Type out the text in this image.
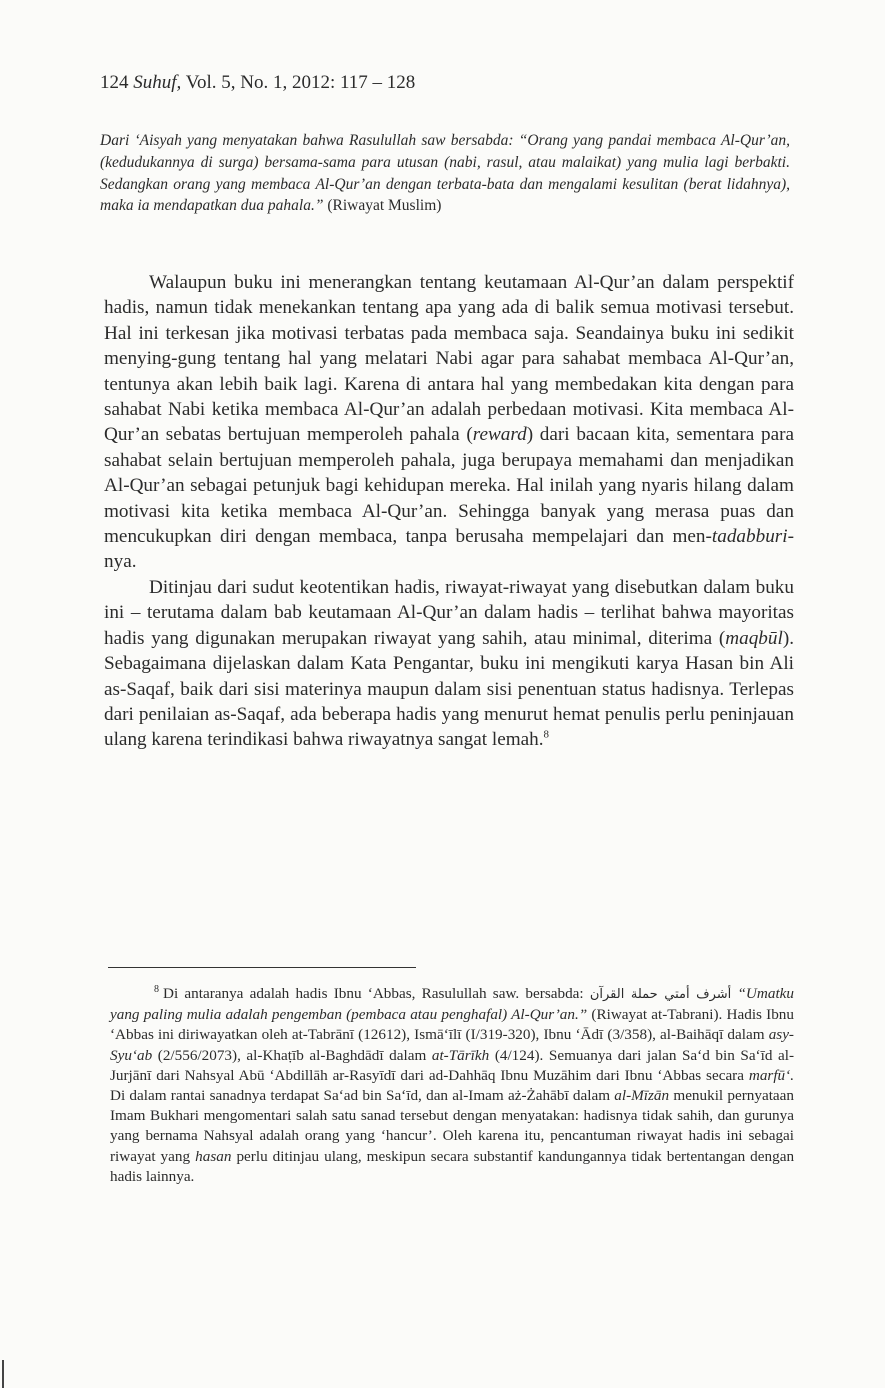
124 Suhuf, Vol. 5, No. 1, 2012: 117 – 128
Dari ‘Aisyah yang menyatakan bahwa Rasulullah saw bersabda: “Orang yang pandai membaca Al-Qur’an, (kedudukannya di surga) bersama-sama para utusan (nabi, rasul, atau malaikat) yang mulia lagi berbakti. Sedangkan orang yang membaca Al-Qur’an dengan terbata-bata dan mengalami kesulitan (berat lidahnya), maka ia mendapatkan dua pahala.” (Riwayat Muslim)

Walaupun buku ini menerangkan tentang keutamaan Al-Qur’an dalam perspektif hadis, namun tidak menekankan tentang apa yang ada di balik semua motivasi tersebut. Hal ini terkesan jika motivasi terbatas pada membaca saja. Seandainya buku ini sedikit menying-gung tentang hal yang melatari Nabi agar para sahabat membaca Al-Qur’an, tentunya akan lebih baik lagi. Karena di antara hal yang membedakan kita dengan para sahabat Nabi ketika membaca Al-Qur’an adalah perbedaan motivasi. Kita membaca Al-Qur’an sebatas bertujuan memperoleh pahala (reward) dari bacaan kita, sementara para sahabat selain bertujuan memperoleh pahala, juga berupaya memahami dan menjadikan Al-Qur’an sebagai petunjuk bagi kehidupan mereka. Hal inilah yang nyaris hilang dalam motivasi kita ketika membaca Al-Qur’an. Sehingga banyak yang merasa puas dan mencukupkan diri dengan membaca, tanpa berusaha mempelajari dan men-tadabburi-nya.

Ditinjau dari sudut keotentikan hadis, riwayat-riwayat yang disebutkan dalam buku ini – terutama dalam bab keutamaan Al-Qur’an dalam hadis – terlihat bahwa mayoritas hadis yang digunakan merupakan riwayat yang sahih, atau minimal, diterima (maqbūl). Sebagaimana dijelaskan dalam Kata Pengantar, buku ini mengikuti karya Hasan bin Ali as-Saqaf, baik dari sisi materinya maupun dalam sisi penentuan status hadisnya. Terlepas dari penilaian as-Saqaf, ada beberapa hadis yang menurut hemat penulis perlu peninjauan ulang karena terindikasi bahwa riwayatnya sangat lemah.$^8$

$^8$ Di antaranya adalah hadis Ibnu ‘Abbas, Rasulullah saw. bersabda: أشرف أمتي حملة القرآن “Umatku yang paling mulia adalah pengemban (pembaca atau penghafal) Al-Qur’an.” (Riwayat at-Tabrani). Hadis Ibnu ‘Abbas ini diriwayatkan oleh at-Tabrānī (12612), Ismā‘īlī (I/319-320), Ibnu ‘Ādī (3/358), al-Baihāqī dalam asy-Syu‘ab (2/556/2073), al-Khaṭīb al-Baghdādī dalam at-Tārīkh (4/124). Semuanya dari jalan Sa‘d bin Sa‘īd al-Jurjānī dari Nahsyal Abū ‘Abdillāh ar-Rasyīdī dari ad-Dahhāq Ibnu Muzāhim dari Ibnu ‘Abbas secara marfū‘. Di dalam rantai sanadnya terdapat Sa‘ad bin Sa‘īd, dan al-Imam aż-Żahābī dalam al-Mīzān menukil pernyataan Imam Bukhari mengomentari salah satu sanad tersebut dengan menyatakan: hadisnya tidak sahih, dan gurunya yang bernama Nahsyal adalah orang yang ‘hancur’. Oleh karena itu, pencantuman riwayat hadis ini sebagai riwayat yang hasan perlu ditinjau ulang, meskipun secara substantif kandungannya tidak bertentangan dengan hadis lainnya.
